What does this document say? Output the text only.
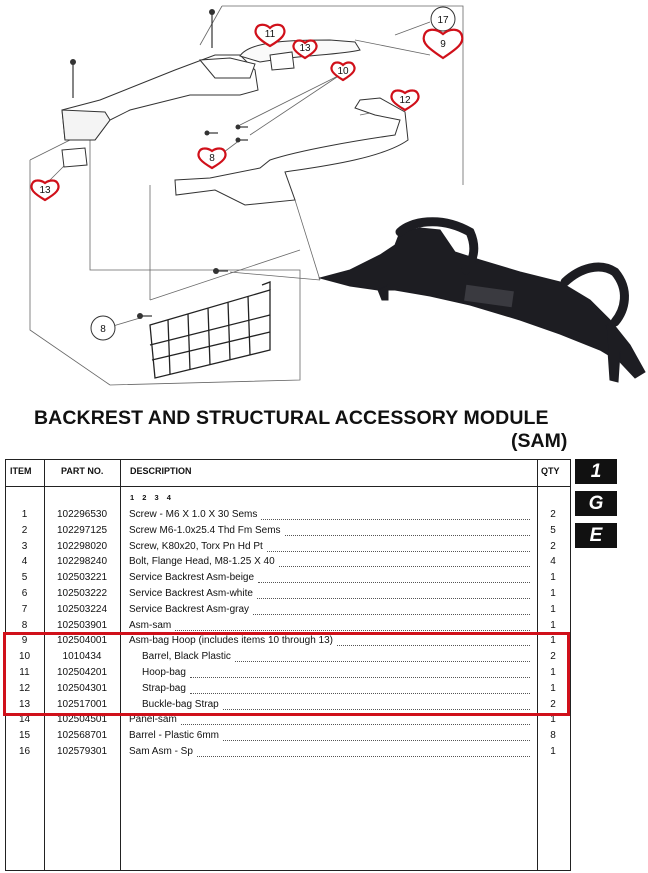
17
9
11
13
10
12
8
13
8
BACKREST AND STRUCTURAL ACCESSORY MODULE
(SAM)
ITEM	PART NO.	DESCRIPTION	QTY
1 2 3 4
1	102296530	Screw - M6 X 1.0 X 30 Sems	2
2	102297125	Screw M6-1.0x25.4 Thd Fm Sems	5
3	102298020	Screw, K80x20, Torx Pn Hd Pt	2
4	102298240	Bolt, Flange Head, M8-1.25 X 40	4
5	102503221	Service Backrest Asm-beige	1
6	102503222	Service Backrest Asm-white	1
7	102503224	Service Backrest Asm-gray	1
8	102503901	Asm-sam	1
9	102504001	Asm-bag Hoop (includes items 10 through 13)	1
10	1010434	Barrel, Black Plastic	2
11	102504201	Hoop-bag	1
12	102504301	Strap-bag	1
13	102517001	Buckle-bag Strap	2
14	102504501	Panel-sam	1
15	102568701	Barrel - Plastic 6mm	8
16	102579301	Sam Asm - Sp	1
1
G
E
